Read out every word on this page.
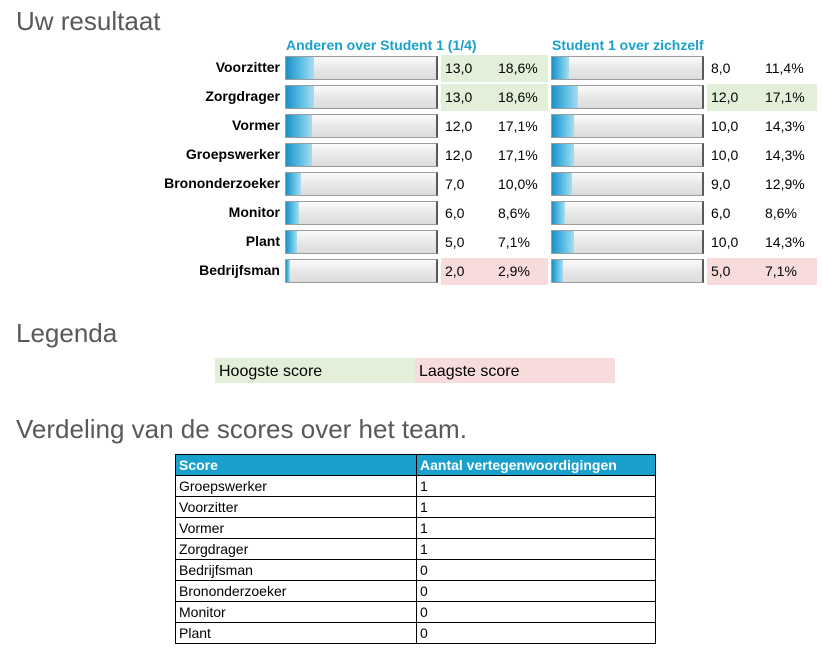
Uw resultaat
Anderen over Student 1 (1/4)	Student 1 over zichzelf
Voorzitter	13,0 18,6%	8,0 11,4%
Zorgdrager	13,0 18,6%	12,0 17,1%
Vormer	12,0 17,1%	10,0 14,3%
Groepswerker	12,0 17,1%	10,0 14,3%
Brononderzoeker	7,0 10,0%	9,0 12,9%
Monitor	6,0 8,6%	6,0 8,6%
Plant	5,0 7,1%	10,0 14,3%
Bedrijfsman	2,0 2,9%	5,0 7,1%
Legenda
Hoogste score	Laagste score
Verdeling van de scores over het team.
Score	Aantal vertegenwoordigingen
Groepswerker	1
Voorzitter	1
Vormer	1
Zorgdrager	1
Bedrijfsman	0
Brononderzoeker	0
Monitor	0
Plant	0
